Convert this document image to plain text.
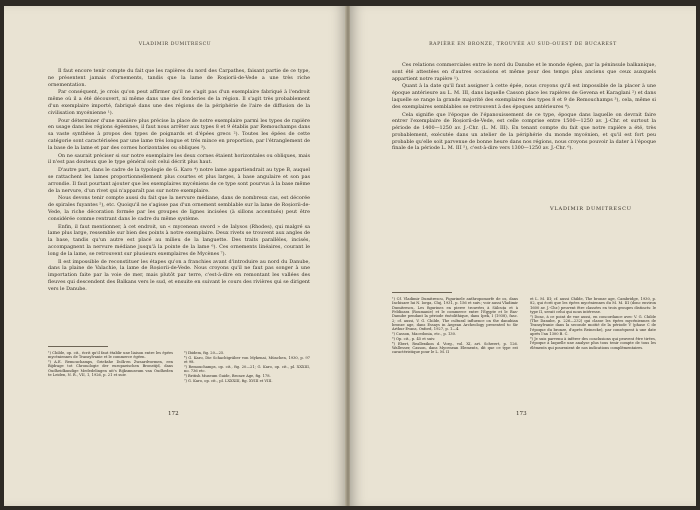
VLADIMIR DUMITRESCU

Il faut encore tenir compte du fait que les rapières du nord des Carpathes, faisant partie de ce type, ne présentent jamais d'ornements, tandis que la lame de Roșiorii-de-Vede a une très riche ornementation.

Par conséquent, je crois qu'on peut affirmer qu'il ne s'agit pas d'un exemplaire fabriqué à l'endroit même où il a été découvert, ni même dans une des fonderies de la région. Il s'agit très probablement d'un exemplaire importé, fabriqué dans une des régions de la périphérie de l'aire de diffusion de la civilisation mycénienne ¹).

Pour déterminer d'une manière plus précise la place de notre exemplaire parmi les types de rapière en usage dans les régions égéennes, il faut nous arrêter aux types 8 et 9 établis par Remouchamps dans sa vaste synthèse à propos des types de poignards et d'épées grecs ²). Toutes les épées de cette catégorie sont caractérisées par une lame très longue et très mince en proportion, par l'étranglement de la base de la lame et par des cornes horizontales ou obliques ³).

On ne saurait préciser si sur notre exemplaire les deux cornes étaient horizontales ou obliques, mais il n'est pas douteux que le type général soit celui décrit plus haut.

D'autre part, dans le cadre de la typologie de G. Karo ⁴) notre lame appartiendrait au type B, auquel se rattachent les lames proportionnellement plus courtes et plus larges, à base angulaire et son pas arrondie. Il faut pourtant ajouter que les exemplaires mycéniens de ce type sont pourvus à la base même de la nervure, d'un rivet qui n'apparaît pas sur notre exemplaire.

Nous devons tenir compte aussi du fait que la nervure médiane, dans de nombreux cas, est décorée de spirales fuyantes ⁵), etc. Quoiqu'il ne s'agisse pas d'un ornement semblable sur la lame de Roșiorii-de-Vede, la riche décoration formée par les groupes de lignes incisées (à sillons accentués) peut être considérée comme rentrant dans le cadre du même système.

Enfin, il faut mentionner, à cet endroit, un « mycenean sword » de Ialysos (Rhodes), qui malgré sa lame plus large, ressemble sur bien des points à notre exemplaire. Deux rivets se trouvent aux angles de la base, tandis qu'un autre est placé au milieu de la languette. Des traits parallèles, incisés, accompagnent la nervure médiane jusqu'à la pointe de la lame ⁶). Ces ornements linéaires, courant le long de la lame, se retrouvent sur plusieurs exemplaires de Mycènes ⁷).

Il est impossible de reconstituer les étapes qu'on a franchies avant d'introduire au nord du Danube, dans la plaine de Valachie, la lame de Roșiorii-de-Vede. Nous croyons qu'il ne faut pas songer à une importation faite par la voie de mer, mais plutôt par terre, c'est-à-dire en remontant les vallées des fleuves qui descendent des Balkans vers le sud, et ensuite en suivant le cours des rivières qui se dirigent vers le Danube.

¹) Childe, op. cit., écrit qu'il faut établir une liaison entre les épées mycéniennes de Transylvanie et le commerce égéen.

²) A.E. Remouchamps, Griekshe Dolk-en Zwaardvormen, een Bijdrage tot Chronologie der europaeischen Bronstijd, dans Oudheidkundige Mededelingen uit's Rijksmuseum van Oudheden te Leiden, N. R., VII, 1, 1926, p. 21 et suiv.

³) Ibidem, fig. 20—25.

⁴) G. Karo, Die Schachtgräber von Mykenai, München, 1930, p. 97 et 98.

⁵) Remouchamps, op. cit., fig. 20—21; G. Karo, op. cit., pl. XXXIII, no. 736 etc.

⁶) British Museum Guide, Bronze Age, fig. 178.

⁷) G. Karo, op. cit., pl. LXXXIII, fig. XVIII et VIII.

172
RAPIÈRE EN BRONZE, TROUVÉE AU SUD-OUEST DE BUCAREST

Ces relations commerciales entre le nord du Danube et le monde égéen, par la péninsule balkanique, sont été attestées en d'autres occasions et même pour des temps plus anciens que ceux auxquels appartient notre rapière ¹).

Quant à la date qu'il faut assigner à cette épée, nous croyons qu'il est impossible de la placer à une époque antérieure au L. M. III, dans laquelle Casson place les rapières de Gevena et Karaglani ²) et dans laquelle se range la grande majorité des exemplaires des types 8 et 9 de Remouchamps ³), cela, même si des exemplaires semblables se retrouvent à des époques antérieures ⁴).

Cela signifie que l'époque de l'épanouissement de ce type, époque dans laquelle on devrait faire entrer l'exemplaire de Roșiorii-de-Vede, est celle comprise entre 1500—1250 av. J.-Chr. et surtout la période de 1400—1250 av. J.-Chr. (L. M. III). En tenant compte du fait que notre rapière a été, très probablement, exécutée dans un atelier de la périphérie du monde mycénien, et qu'il est fort peu probable qu'elle soit parvenue de bonne heure dans nos régions, nous croyons pouvoir la dater à l'époque finale de la période L. M. III ⁵), c'est-à-dire vers 1300—1250 av. J.-Chr. ⁶).

VLADIMIR DUMITRESCU

¹) Cf. Vladimir Dumitrescu, Figurinele anthropomorfe de os, dans Inchisare lui N. Iorga, Cluj, 1931, p. 156 et suiv.; voir aussi Vladimir Dumitrescu, Les figurines en pierre trouvées à Sălcuța et à Feldioara (Roumanie) et le commerce entre l'Égypte et le Bas-Danube pendant la période énéolithique, dans Ipek, I (1938), fasc. 2; cf. aussi, V. G. Childe, The cultural influence on the danubian bronze age, dans Essays in Aegean Archeology presented to Sir Arthur Evans, Oxford, 1927, p. 1—4.

²) Casson, Macedonia, etc., p. 130.

³) Op. cit., p. 45 et suiv.

⁴) Ebert, Reallexikon d. Vorg., vol. XI, art. Schwert, p. 126. Wallesser, Casson, dans Mycenean Elements, dit que ce type est caractéristique pour le L. M. II

et L. M. III; cf. aussi Childe, The bronze age, Cambridge, 1930, p. 82, qui écrit que les épées mycéniennes du M. M. III (donc environ 1600 av. J.-Chr.) peuvent être classées en trois groupes distincts: le type II, serait celui qui nous intéresse.

⁵) Donc, à ce point de vue aussi, en concordance avec V. G. Childe (The Danube, p. 226—232) qui classe les épées mycéniennes de Transylvanie dans la seconde moitié de la période V (phase C de l'époque du bronze, d'après Reinecke), par conséquent à une date après l'an 1300 B. C.

⁶) Je suis parvenu à inférer des conclusions qui peuvent être tirées, l'époque à laquelle une analyse plus tous tenir compte de tous les éléments qui pourraient de nos indications complémentaires.

173
